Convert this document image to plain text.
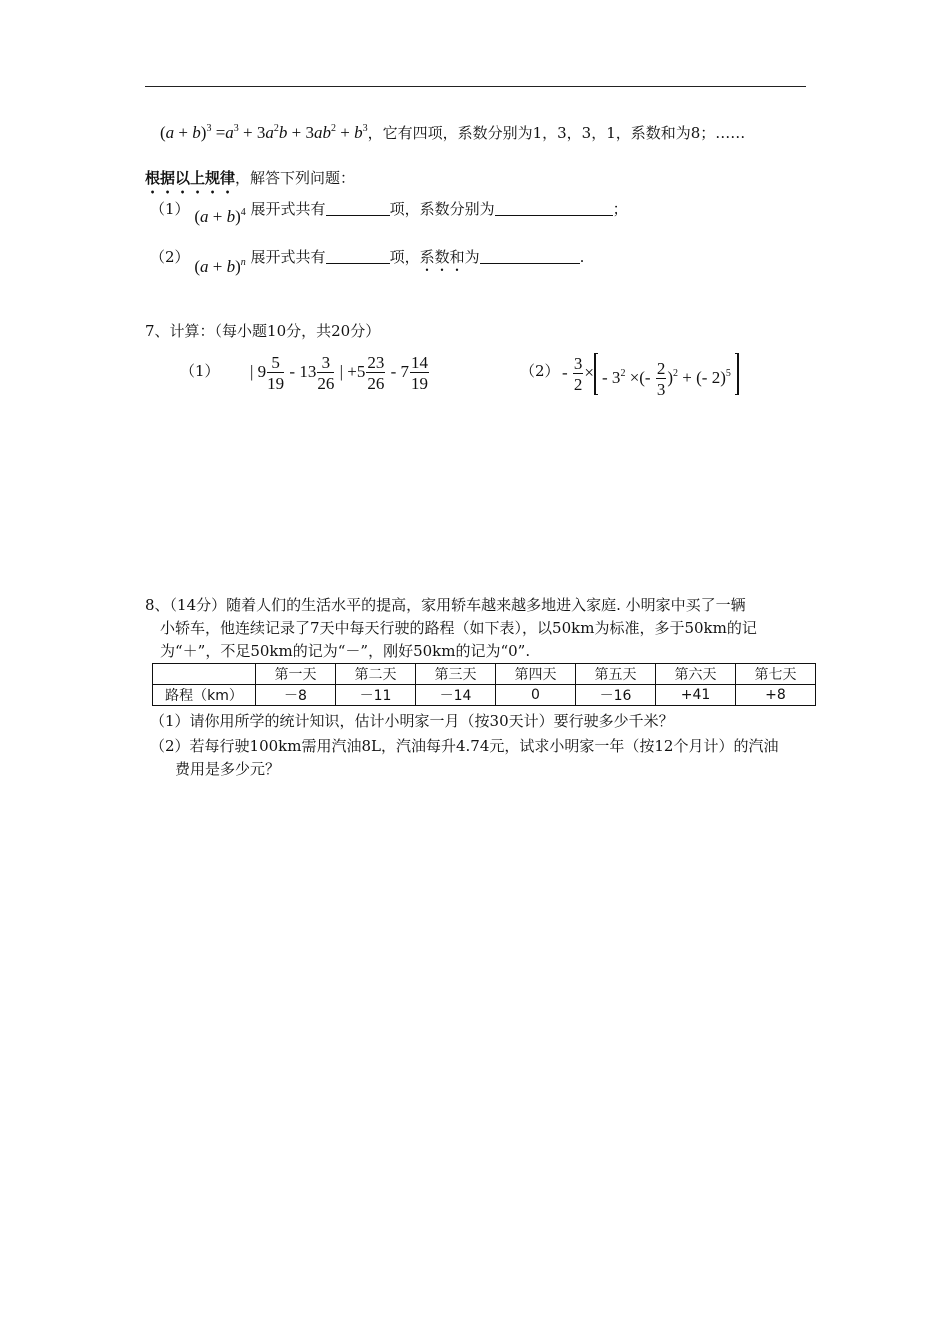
$(a + b)^3 =a^3 + 3a^2b + 3ab^2 + b^3$，它有四项，系数分别为1，3，3，1，系数和为8；……
根据以上规律，解答下列问题：
（1） $(a + b)^4$ 展开式共有	项，系数分别为	；
（2） $(a + b)^n$ 展开式共有	项，系数和为	.
7、计算：（每小题10分，共20分）
（1） | $9 \frac{5}{19} - 13 \frac{3}{26}$ | $+5 \frac{23}{26} - 7 \frac{14}{19}$	$(2) - \frac{3}{2}$ × - $3^2$ ×(- $\frac{2}{3} )^2$ + (- 2)$^5$
8、（14分）随着人们的生活水平的提高，家用轿车越来越多地进入家庭. 小明家中买了一辆
小轿车，他连续记录了7天中每天行驶的路程（如下表），以50km为标准，多于50km的记
为“＋”，不足50km的记为“－”，刚好50km的记为“0”.
	第一天	第二天	第三天	第四天	第五天	第六天	第七天
路程（km）	－8	－11	－14	0	－16	+41	+8
（1）请你用所学的统计知识，估计小明家一月（按30天计）要行驶多少千米？
（2）若每行驶100km需用汽油8L，汽油每升4.74元，试求小明家一年（按12个月计）的汽油
费用是多少元？
